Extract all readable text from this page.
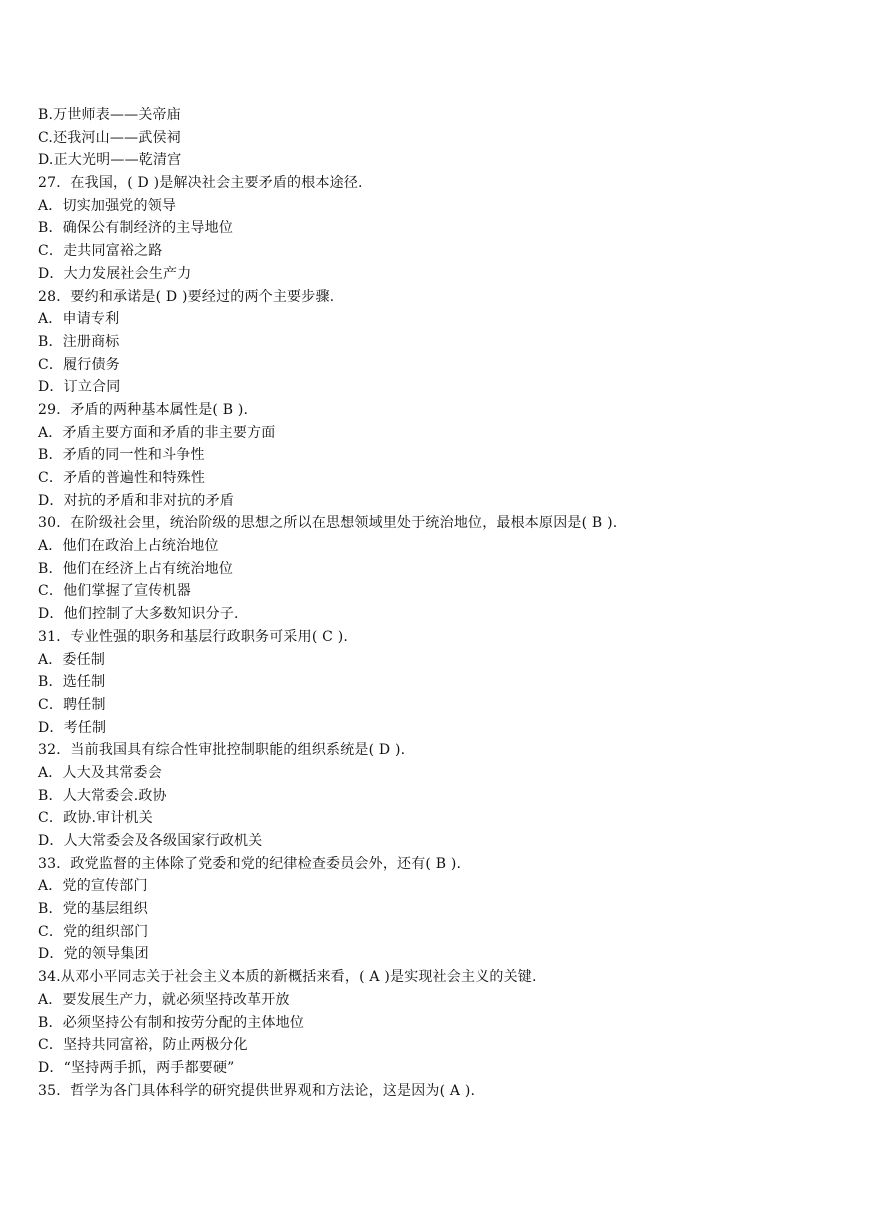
B.万世师表——关帝庙
C.还我河山——武侯祠
D.正大光明——乾清宫
27．在我国，( D )是解决社会主要矛盾的根本途径.
A．切实加强党的领导
B．确保公有制经济的主导地位
C．走共同富裕之路
D．大力发展社会生产力
28．要约和承诺是( D )要经过的两个主要步骤.
A．申请专利
B．注册商标
C．履行债务
D．订立合同
29．矛盾的两种基本属性是( B ).
A．矛盾主要方面和矛盾的非主要方面
B．矛盾的同一性和斗争性
C．矛盾的普遍性和特殊性
D．对抗的矛盾和非对抗的矛盾
30．在阶级社会里，统治阶级的思想之所以在思想领域里处于统治地位，最根本原因是( B ).
A．他们在政治上占统治地位
B．他们在经济上占有统治地位
C．他们掌握了宣传机器
D．他们控制了大多数知识分子.
31．专业性强的职务和基层行政职务可采用( C ).
A．委任制
B．选任制
C．聘任制
D．考任制
32．当前我国具有综合性审批控制职能的组织系统是( D ).
A．人大及其常委会
B．人大常委会.政协
C．政协.审计机关
D．人大常委会及各级国家行政机关
33．政党监督的主体除了党委和党的纪律检查委员会外，还有( B ).
A．党的宣传部门
B．党的基层组织
C．党的组织部门
D．党的领导集团
34.从邓小平同志关于社会主义本质的新概括来看，( A )是实现社会主义的关键.
A．要发展生产力，就必须坚持改革开放
B．必须坚持公有制和按劳分配的主体地位
C．坚持共同富裕，防止两极分化
D．“坚持两手抓，两手都要硬”
35．哲学为各门具体科学的研究提供世界观和方法论，这是因为( A ).
